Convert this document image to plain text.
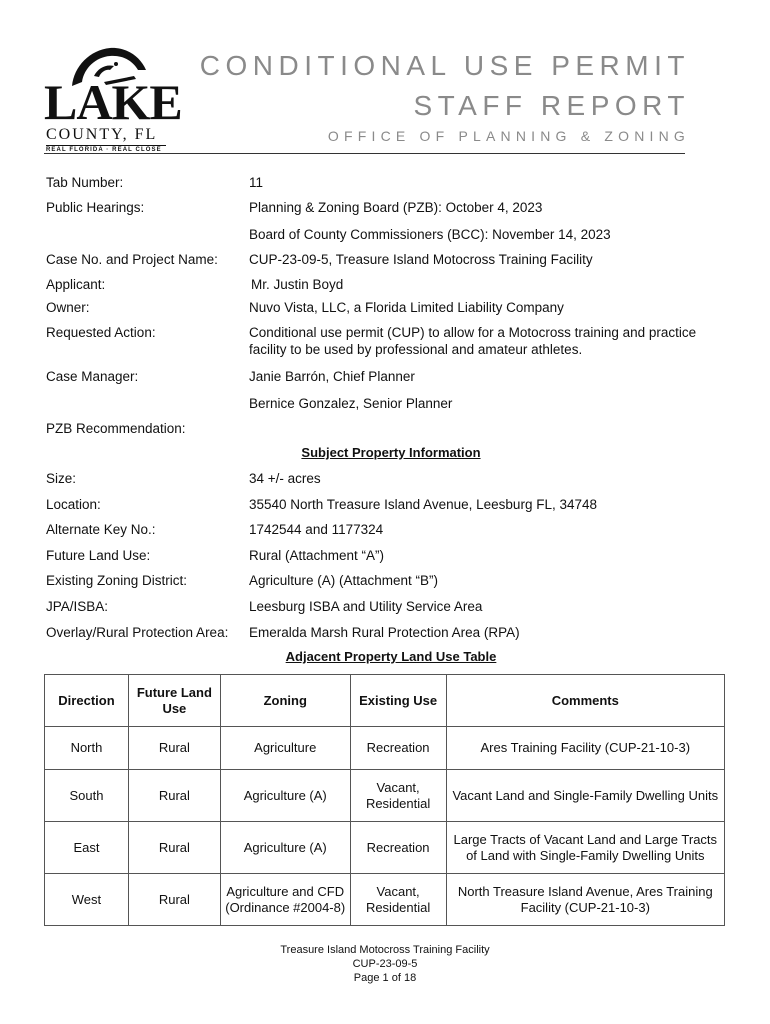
LAKE
COUNTY, FL
REAL FLORIDA · REAL CLOSE
CONDITIONAL USE PERMIT
STAFF REPORT
OFFICE OF PLANNING & ZONING
Tab Number:	11
Public Hearings:	Planning & Zoning Board (PZB): October 4, 2023
Board of County Commissioners (BCC): November 14, 2023
Case No. and Project Name:	CUP-23-09-5, Treasure Island Motocross Training Facility
Applicant:	Mr. Justin Boyd
Owner:	Nuvo Vista, LLC, a Florida Limited Liability Company
Requested Action:	Conditional use permit (CUP) to allow for a Motocross training and practice facility to be used by professional and amateur athletes.
Case Manager:	Janie Barrón, Chief Planner
Bernice Gonzalez, Senior Planner
PZB Recommendation:
Subject Property Information
Size:	34 +/- acres
Location:	35540 North Treasure Island Avenue, Leesburg FL, 34748
Alternate Key No.:	1742544 and 1177324
Future Land Use:	Rural (Attachment “A”)
Existing Zoning District:	Agriculture (A) (Attachment “B”)
JPA/ISBA:	Leesburg ISBA and Utility Service Area
Overlay/Rural Protection Area:	Emeralda Marsh Rural Protection Area (RPA)
Adjacent Property Land Use Table
Direction	Future Land Use	Zoning	Existing Use	Comments
North	Rural	Agriculture	Recreation	Ares Training Facility (CUP-21-10-3)
South	Rural	Agriculture (A)	Vacant, Residential	Vacant Land and Single-Family Dwelling Units
East	Rural	Agriculture (A)	Recreation	Large Tracts of Vacant Land and Large Tracts of Land with Single-Family Dwelling Units
West	Rural	Agriculture and CFD (Ordinance #2004-8)	Vacant, Residential	North Treasure Island Avenue, Ares Training Facility (CUP-21-10-3)
Treasure Island Motocross Training Facility
CUP-23-09-5
Page 1 of 18
